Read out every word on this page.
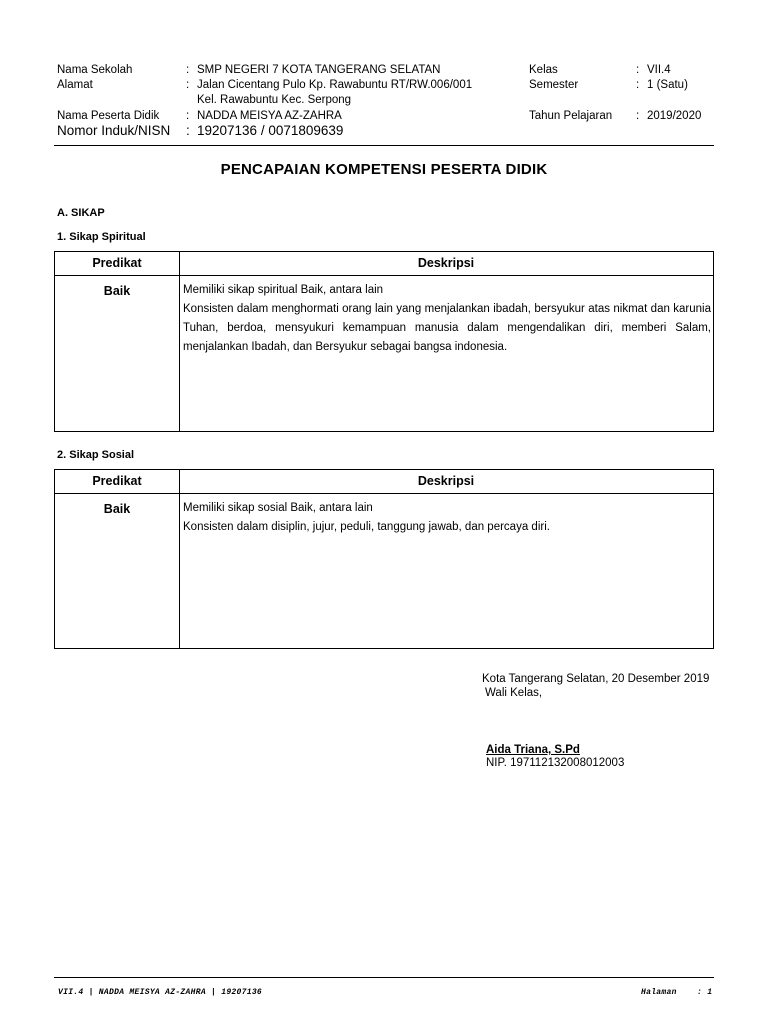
Nama Sekolah	: SMP NEGERI 7 KOTA TANGERANG SELATAN
Alamat	: Jalan Cicentang Pulo Kp. Rawabuntu RT/RW.006/001
Kel. Rawabuntu Kec. Serpong
Nama Peserta Didik : NADDA MEISYA AZ-ZAHRA
Nomor Induk/NISN : 19207136 / 0071809639
Kelas	: VII.4
Semester	: 1 (Satu)
Tahun Pelajaran : 2019/2020
PENCAPAIAN KOMPETENSI PESERTA DIDIK
A. SIKAP
1. Sikap Spiritual
Predikat	Deskripsi
Baik	Memiliki sikap spiritual Baik, antara lain

Konsisten dalam menghormati orang lain yang menjalankan ibadah, bersyukur atas nikmat dan karunia Tuhan, berdoa, mensyukuri kemampuan manusia dalam mengendalikan diri, memberi Salam, menjalankan Ibadah, dan Bersyukur sebagai bangsa indonesia.

2. Sikap Sosial
Predikat	Deskripsi
Baik	Memiliki sikap sosial Baik, antara lain

Konsisten dalam disiplin, jujur, peduli, tanggung jawab, dan percaya diri.

Kota Tangerang Selatan, 20 Desember 2019
Wali Kelas,
Aida Triana, S.Pd
NIP. 197112132008012003
VII.4 | NADDA MEISYA AZ-ZAHRA | 19207136	Halaman	: 1
